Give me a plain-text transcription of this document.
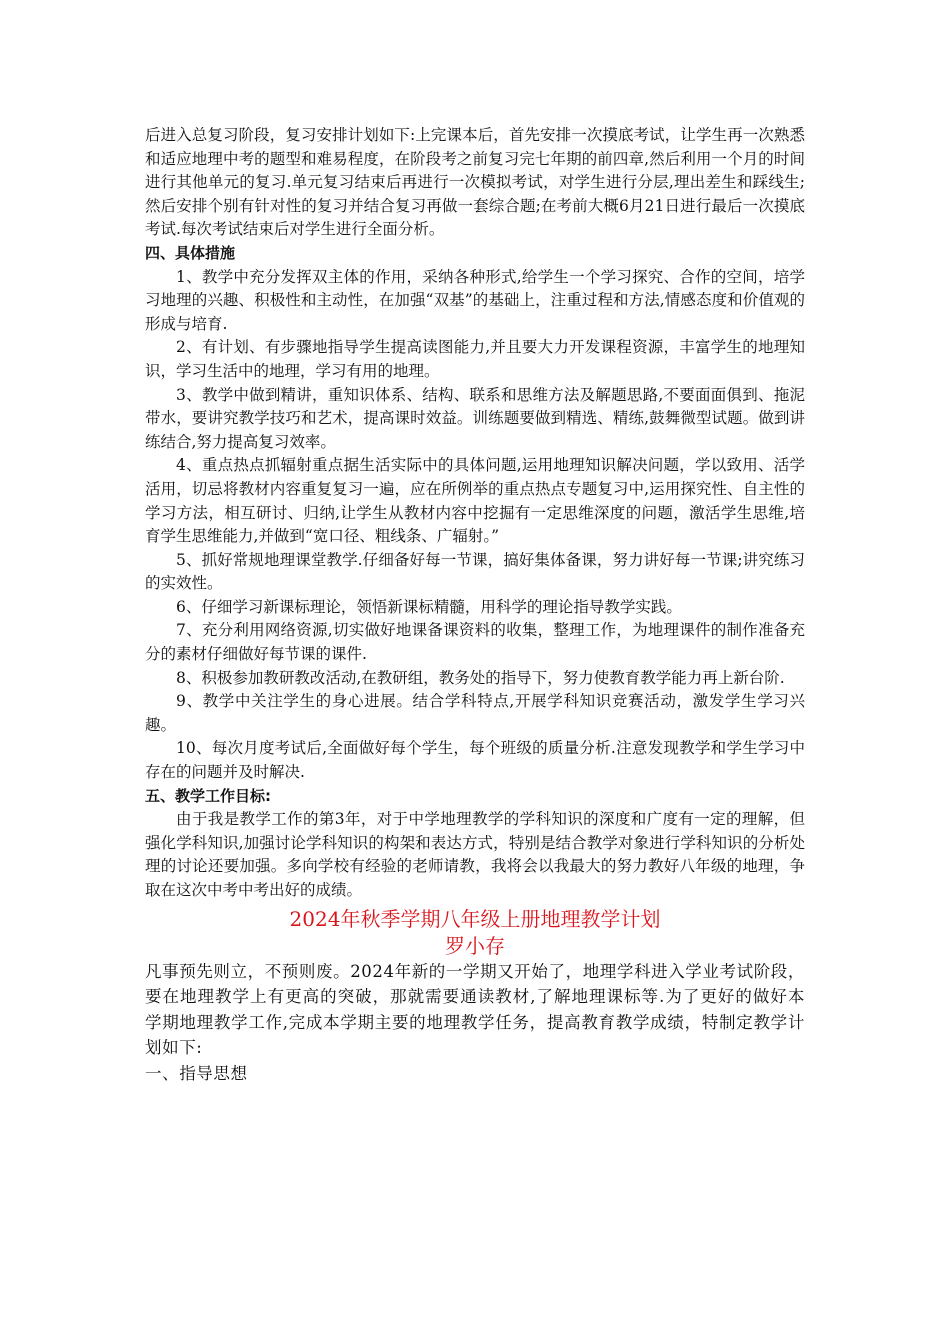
后进入总复习阶段，复习安排计划如下:上完课本后，首先安排一次摸底考试，让学生再一次熟悉和适应地理中考的题型和难易程度，在阶段考之前复习完七年期的前四章,然后利用一个月的时间进行其他单元的复习.单元复习结束后再进行一次模拟考试，对学生进行分层,理出差生和踩线生;然后安排个别有针对性的复习并结合复习再做一套综合题;在考前大概6月21日进行最后一次摸底考试.每次考试结束后对学生进行全面分析。

四、具体措施

1、教学中充分发挥双主体的作用，采纳各种形式,给学生一个学习探究、合作的空间，培学习地理的兴趣、积极性和主动性，在加强“双基”的基础上，注重过程和方法,情感态度和价值观的形成与培育.

2、有计划、有步骤地指导学生提高读图能力,并且要大力开发课程资源，丰富学生的地理知识，学习生活中的地理，学习有用的地理。

3、教学中做到精讲，重知识体系、结构、联系和思维方法及解题思路,不要面面俱到、拖泥带水，要讲究教学技巧和艺术，提高课时效益。训练题要做到精选、精练,鼓舞微型试题。做到讲练结合,努力提高复习效率。

4、重点热点抓辐射重点据生活实际中的具体问题,运用地理知识解决问题，学以致用、活学活用，切忌将教材内容重复复习一遍，应在所例举的重点热点专题复习中,运用探究性、自主性的学习方法，相互研讨、归纳,让学生从教材内容中挖掘有一定思维深度的问题，激活学生思维,培育学生思维能力,并做到“宽口径、粗线条、广辐射。”

5、抓好常规地理课堂教学.仔细备好每一节课，搞好集体备课，努力讲好每一节课;讲究练习的实效性。

6、仔细学习新课标理论，领悟新课标精髓，用科学的理论指导教学实践。

7、充分利用网络资源,切实做好地课备课资料的收集，整理工作，为地理课件的制作准备充分的素材仔细做好每节课的课件.

8、积极参加教研教改活动,在教研组，教务处的指导下，努力使教育教学能力再上新台阶.

9、教学中关注学生的身心进展。结合学科特点,开展学科知识竞赛活动，激发学生学习兴趣。

10、每次月度考试后,全面做好每个学生，每个班级的质量分析.注意发现教学和学生学习中存在的问题并及时解决.

五、教学工作目标:

由于我是教学工作的第3年，对于中学地理教学的学科知识的深度和广度有一定的理解，但强化学科知识,加强讨论学科知识的构架和表达方式，特别是结合教学对象进行学科知识的分析处理的讨论还要加强。多向学校有经验的老师请教，我将会以我最大的努力教好八年级的地理，争取在这次中考中考出好的成绩。

2024年秋季学期八年级上册地理教学计划
罗小存

凡事预先则立，不预则废。2024年新的一学期又开始了，地理学科进入学业考试阶段，要在地理教学上有更高的突破，那就需要通读教材,了解地理课标等.为了更好的做好本学期地理教学工作,完成本学期主要的地理教学任务，提高教育教学成绩，特制定教学计划如下:

一、指导思想
